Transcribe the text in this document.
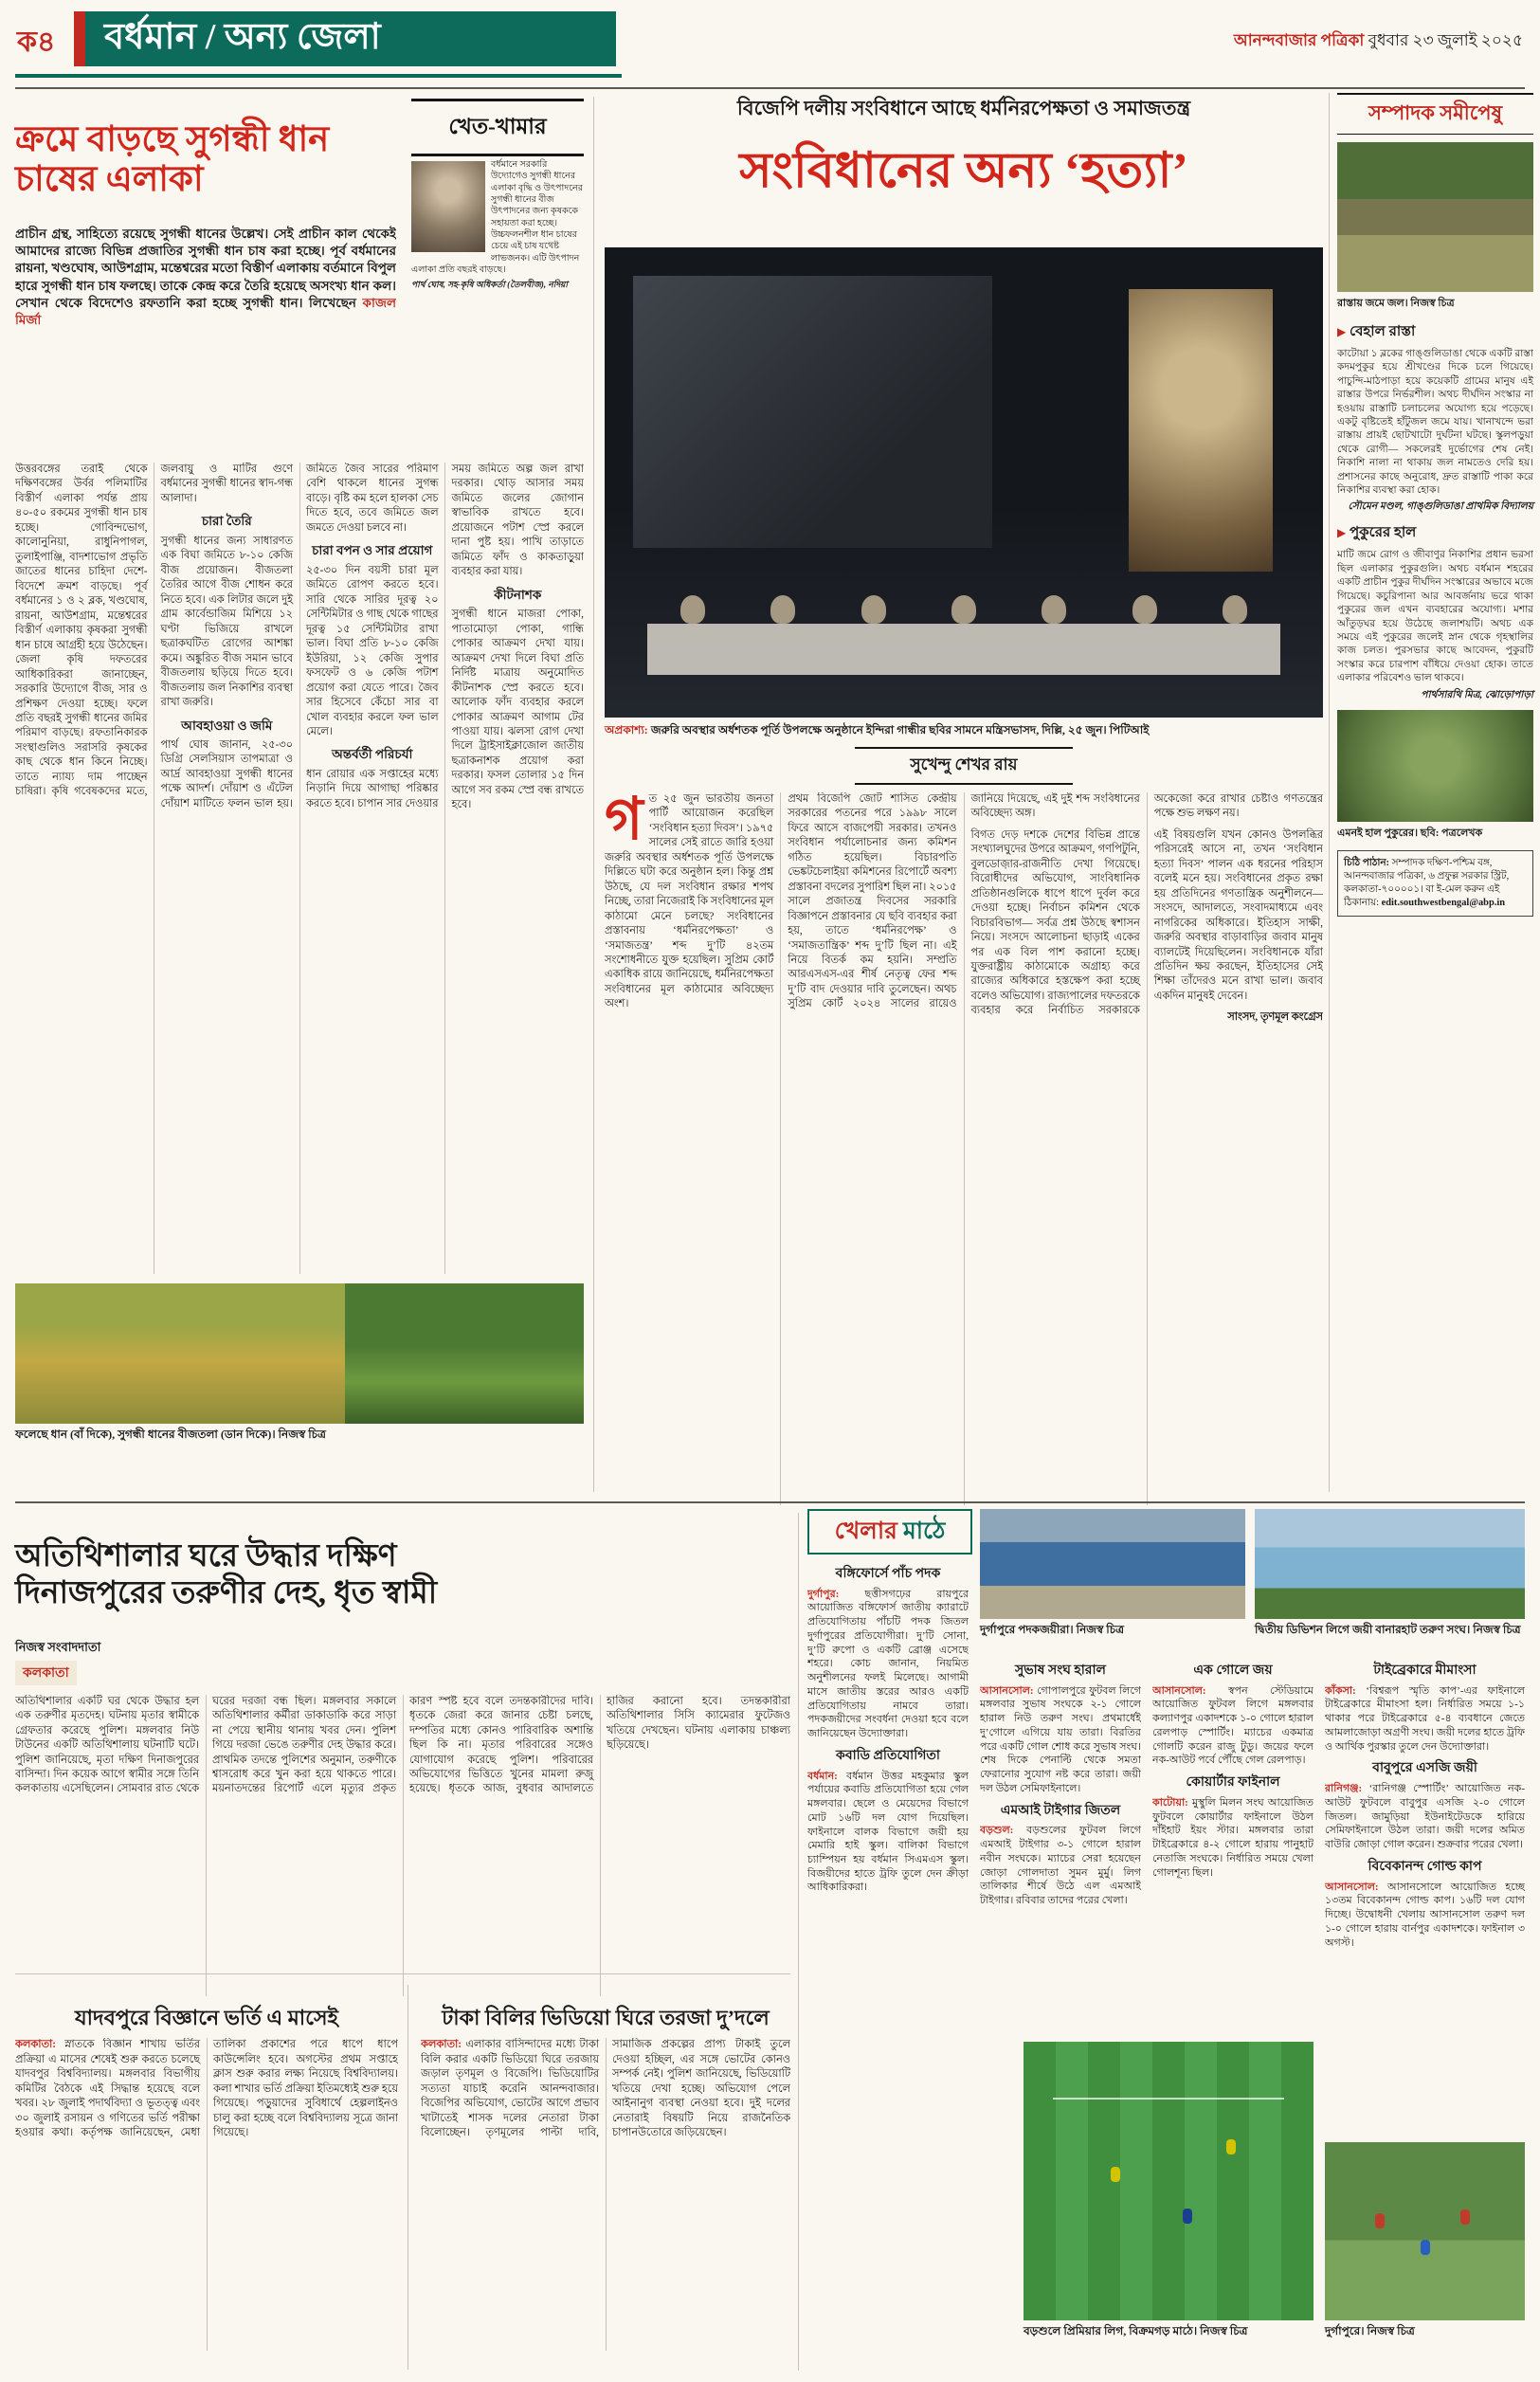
ক৪ বর্ধমান / অন্য জেলা	আনন্দবাজার পত্রিকা বুধবার ২৩ জুলাই ২০২৫
ক্রমে বাড়ছে সুগন্ধী ধান চাষের এলাকা
খেত-খামার
বর্ধমানে সরকারি উদ্যোগেও সুগন্ধী ধানের এলাকা বৃদ্ধি ও উৎপাদনের সুগন্ধী ধানের বীজ উৎপাদনের জন্য কৃষককে সহায়তা করা হচ্ছে। উচ্চফলনশীল ধান চাষের চেয়ে এই চাষ যথেষ্ট লাভজনক। এটি উৎপাদন এলাকা প্রতি বছরই বাড়ছে।
পার্থ ঘোষ, সহ-কৃষি অধিকর্তা (তৈলবীজ), নদিয়া
প্রাচীন গ্রন্থ, সাহিত্যে রয়েছে সুগন্ধী ধানের উল্লেখ। সেই প্রাচীন কাল থেকেই আমাদের রাজ্যে বিভিন্ন প্রজাতির সুগন্ধী ধান চাষ করা হচ্ছে। পূর্ব বর্ধমানের রায়না, খণ্ডঘোষ, আউশগ্রাম, মন্তেশ্বরের মতো বিস্তীর্ণ এলাকায় বর্তমানে বিপুল হারে সুগন্ধী ধান চাষ ফলছে। তাকে কেন্দ্র করে তৈরি হয়েছে অসংখ্য ধান কল। সেখান থেকে বিদেশেও রফতানি করা হচ্ছে সুগন্ধী ধান। লিখেছেন কাজল মির্জা

উত্তরবঙ্গের তরাই থেকে দক্ষিণবঙ্গের উর্বর পলিমাটির বিস্তীর্ণ এলাকা পর্যন্ত প্রায় ৪০-৫০ রকমের সুগন্ধী ধান চাষ হচ্ছে। গোবিন্দভোগ, কালোনুনিয়া, রাধুনিপাগল, তুলাইপাঞ্জি, বাদশাভোগ প্রভৃতি জাতের ধানের চাহিদা দেশে-বিদেশে ক্রমশ বাড়ছে। পূর্ব বর্ধমানের ১ ও ২ ব্লক, খণ্ডঘোষ, রায়না, আউশগ্রাম, মন্তেশ্বরের বিস্তীর্ণ এলাকায় কৃষকরা সুগন্ধী ধান চাষে আগ্রহী হয়ে উঠেছেন। জেলা কৃষি দফতরের আধিকারিকরা জানাচ্ছেন, সরকারি উদ্যোগে বীজ, সার ও প্রশিক্ষণ দেওয়া হচ্ছে। ফলে প্রতি বছরই সুগন্ধী ধানের জমির পরিমাণ বাড়ছে। রফতানিকারক সংস্থাগুলিও সরাসরি কৃষকের কাছ থেকে ধান কিনে নিচ্ছে। তাতে ন্যায্য দাম পাচ্ছেন চাষিরা। কৃষি গবেষকদের মতে, জলবায়ু ও মাটির গুণে বর্ধমানের সুগন্ধী ধানের স্বাদ-গন্ধ আলাদা।

চারা তৈরি

সুগন্ধী ধানের জন্য সাধারণত এক বিঘা জমিতে ৮-১০ কেজি বীজ প্রয়োজন। বীজতলা তৈরির আগে বীজ শোধন করে নিতে হবে। এক লিটার জলে দুই গ্রাম কার্বেন্ডাজিম মিশিয়ে ১২ ঘণ্টা ভিজিয়ে রাখলে ছত্রাকঘটিত রোগের আশঙ্কা কমে। অঙ্কুরিত বীজ সমান ভাবে বীজতলায় ছড়িয়ে দিতে হবে। বীজতলায় জল নিকাশির ব্যবস্থা রাখা জরুরি।

আবহাওয়া ও জমি

পার্থ ঘোষ জানান, ২৫-৩০ ডিগ্রি সেলসিয়াস তাপমাত্রা ও আর্দ্র আবহাওয়া সুগন্ধী ধানের পক্ষে আদর্শ। দোঁয়াশ ও এঁটেল দোঁয়াশ মাটিতে ফলন ভাল হয়। জমিতে জৈব সারের পরিমাণ বেশি থাকলে ধানের সুগন্ধ বাড়ে। বৃষ্টি কম হলে হালকা সেচ দিতে হবে, তবে জমিতে জল জমতে দেওয়া চলবে না।

চারা বপন ও সার প্রয়োগ

২৫-৩০ দিন বয়সী চারা মূল জমিতে রোপণ করতে হবে। সারি থেকে সারির দূরত্ব ২০ সেন্টিমিটার ও গাছ থেকে গাছের দূরত্ব ১৫ সেন্টিমিটার রাখা ভাল। বিঘা প্রতি ৮-১০ কেজি ইউরিয়া, ১২ কেজি সুপার ফসফেট ও ৬ কেজি পটাশ প্রয়োগ করা যেতে পারে। জৈব সার হিসেবে কেঁচো সার বা খোল ব্যবহার করলে ফল ভাল মেলে।

অন্তর্বর্তী পরিচর্যা

ধান রোয়ার এক সপ্তাহের মধ্যে নিড়ানি দিয়ে আগাছা পরিষ্কার করতে হবে। চাপান সার দেওয়ার সময় জমিতে অল্প জল রাখা দরকার। থোড় আসার সময় জমিতে জলের জোগান স্বাভাবিক রাখতে হবে। প্রয়োজনে পটাশ স্প্রে করলে দানা পুষ্ট হয়। পাখি তাড়াতে জমিতে ফাঁদ ও কাকতাড়ুয়া ব্যবহার করা যায়।

কীটনাশক

সুগন্ধী ধানে মাজরা পোকা, পাতামোড়া পোকা, গান্ধি পোকার আক্রমণ দেখা যায়। আক্রমণ দেখা দিলে বিঘা প্রতি নির্দিষ্ট মাত্রায় অনুমোদিত কীটনাশক স্প্রে করতে হবে। আলোক ফাঁদ ব্যবহার করলে পোকার আক্রমণ আগাম টের পাওয়া যায়। ঝলসা রোগ দেখা দিলে ট্রাইসাইক্লাজোল জাতীয় ছত্রাকনাশক প্রয়োগ করা দরকার। ফসল তোলার ১৫ দিন আগে সব রকম স্প্রে বন্ধ রাখতে হবে।

ফলেছে ধান (বাঁ দিকে), সুগন্ধী ধানের বীজতলা (ডান দিকে)। নিজস্ব চিত্র
বিজেপি দলীয় সংবিধানে আছে ধর্মনিরপেক্ষতা ও সমাজতন্ত্র
সংবিধানের অন্য ‘হত্যা’
অপ্রকাশ্য: জরুরি অবস্থার অর্ধশতক পূর্তি উপলক্ষে অনুষ্ঠানে ইন্দিরা গান্ধীর ছবির সামনে মন্ত্রিসভাসদ, দিল্লি, ২৫ জুন। পিটিআই
সুখেন্দু শেখর রায়

গত ২৫ জুন ভারতীয় জনতা পার্টি আয়োজন করেছিল ‘সংবিধান হত্যা দিবস’। ১৯৭৫ সালের সেই রাতে জারি হওয়া জরুরি অবস্থার অর্ধশতক পূর্তি উপলক্ষে দিল্লিতে ঘটা করে অনুষ্ঠান হল। কিন্তু প্রশ্ন উঠছে, যে দল সংবিধান রক্ষার শপথ নিচ্ছে, তারা নিজেরাই কি সংবিধানের মূল কাঠামো মেনে চলছে? সংবিধানের প্রস্তাবনায় ‘ধর্মনিরপেক্ষতা’ ও ‘সমাজতন্ত্র’ শব্দ দু’টি ৪২তম সংশোধনীতে যুক্ত হয়েছিল। সুপ্রিম কোর্ট একাধিক রায়ে জানিয়েছে, ধর্মনিরপেক্ষতা সংবিধানের মূল কাঠামোর অবিচ্ছেদ্য অংশ।

প্রথম বিজেপি জোট শাসিত কেন্দ্রীয় সরকারের পতনের পরে ১৯৯৮ সালে ফিরে আসে বাজপেয়ী সরকার। তখনও সংবিধান পর্যালোচনার জন্য কমিশন গঠিত হয়েছিল। বিচারপতি ভেঙ্কটচেলাইয়া কমিশনের রিপোর্টে অবশ্য প্রস্তাবনা বদলের সুপারিশ ছিল না। ২০১৫ সালে প্রজাতন্ত্র দিবসের সরকারি বিজ্ঞাপনে প্রস্তাবনার যে ছবি ব্যবহার করা হয়, তাতে ‘ধর্মনিরপেক্ষ’ ও ‘সমাজতান্ত্রিক’ শব্দ দু’টি ছিল না। এই নিয়ে বিতর্ক কম হয়নি। সম্প্রতি আরএসএস-এর শীর্ষ নেতৃত্ব ফের শব্দ দু’টি বাদ দেওয়ার দাবি তুলেছেন। অথচ সুপ্রিম কোর্ট ২০২৪ সালের রায়েও জানিয়ে দিয়েছে, এই দুই শব্দ সংবিধানের অবিচ্ছেদ্য অঙ্গ।

বিগত দেড় দশকে দেশের বিভিন্ন প্রান্তে সংখ্যালঘুদের উপরে আক্রমণ, গণপিটুনি, বুলডোজ়ার-রাজনীতি দেখা গিয়েছে। বিরোধীদের অভিযোগ, সাংবিধানিক প্রতিষ্ঠানগুলিকে ধাপে ধাপে দুর্বল করে দেওয়া হচ্ছে। নির্বাচন কমিশন থেকে বিচারবিভাগ— সর্বত্র প্রশ্ন উঠছে স্বশাসন নিয়ে। সংসদে আলোচনা ছাড়াই একের পর এক বিল পাশ করানো হচ্ছে। যুক্তরাষ্ট্রীয় কাঠামোকে অগ্রাহ্য করে রাজ্যের অধিকারে হস্তক্ষেপ করা হচ্ছে বলেও অভিযোগ। রাজ্যপালের দফতরকে ব্যবহার করে নির্বাচিত সরকারকে অকেজো করে রাখার চেষ্টাও গণতন্ত্রের পক্ষে শুভ লক্ষণ নয়।

এই বিষয়গুলি যখন কোনও উপলব্ধির পরিসরেই আসে না, তখন ‘সংবিধান হত্যা দিবস’ পালন এক ধরনের পরিহাস বলেই মনে হয়। সংবিধানের প্রকৃত রক্ষা হয় প্রতিদিনের গণতান্ত্রিক অনুশীলনে— সংসদে, আদালতে, সংবাদমাধ্যমে এবং নাগরিকের অধিকারে। ইতিহাস সাক্ষী, জরুরি অবস্থার বাড়াবাড়ির জবাব মানুষ ব্যালটেই দিয়েছিলেন। সংবিধানকে যাঁরা প্রতিদিন ক্ষয় করছেন, ইতিহাসের সেই শিক্ষা তাঁদেরও মনে রাখা ভাল। জবাব একদিন মানুষই দেবেন।

সাংসদ, তৃণমূল কংগ্রেস

সম্পাদক সমীপেষু
রাস্তায় জমে জল। নিজস্ব চিত্র
▶ বেহাল রাস্তা
কাটোয়া ১ ব্লকের গাঙ্গুলিডাঙা থেকে একটি রাস্তা কদমপুকুর হয়ে শ্রীখণ্ডের দিকে চলে গিয়েছে। পাচুন্দি-মাঠপাড়া হয়ে কয়েকটি গ্রামের মানুষ এই রাস্তার উপরে নির্ভরশীল। অথচ দীর্ঘদিন সংস্কার না হওয়ায় রাস্তাটি চলাচলের অযোগ্য হয়ে পড়েছে। একটু বৃষ্টিতেই হাঁটুজল জমে যায়। খানাখন্দে ভরা রাস্তায় প্রায়ই ছোটখাটো দুর্ঘটনা ঘটছে। স্কুলপড়ুয়া থেকে রোগী— সকলেরই দুর্ভোগের শেষ নেই। নিকাশি নালা না থাকায় জল নামতেও দেরি হয়। প্রশাসনের কাছে অনুরোধ, দ্রুত রাস্তাটি পাকা করে নিকাশির ব্যবস্থা করা হোক।
সৌমেন মণ্ডল, গাঙ্গুলিডাঙা প্রাথমিক বিদ্যালয়
▶ পুকুরের হাল
মাটি জমে রোগ ও জীবাণুর নিকাশির প্রধান ভরসা ছিল এলাকার পুকুরগুলি। অথচ বর্ধমান শহরের একটি প্রাচীন পুকুর দীর্ঘদিন সংস্কারের অভাবে মজে গিয়েছে। কচুরিপানা আর আবর্জনায় ভরে থাকা পুকুরের জল এখন ব্যবহারের অযোগ্য। মশার আঁতুড়ঘর হয়ে উঠেছে জলাশয়টি। অথচ এক সময়ে এই পুকুরের জলেই স্নান থেকে গৃহস্থালির কাজ চলত। পুরসভার কাছে আবেদন, পুকুরটি সংস্কার করে চারপাশ বাঁধিয়ে দেওয়া হোক। তাতে এলাকার পরিবেশও ভাল থাকবে।
পার্থসারথি মিত্র, ঝোড়োপাড়া
এমনই হাল পুকুরের। ছবি: পত্রলেখক
চিঠি পাঠান: সম্পাদক দক্ষিণ-পশ্চিম বঙ্গ, আনন্দবাজার পত্রিকা, ৬ প্রফুল্ল সরকার স্ট্রিট, কলকাতা-৭০০০০১। বা ই-মেল করুন এই ঠিকানায়: edit.southwestbengal@abp.in
অতিথিশালার ঘরে উদ্ধার দক্ষিণ দিনাজপুরের তরুণীর দেহ, ধৃত স্বামী
নিজস্ব সংবাদদাতা
কলকাতা

অতিথিশালার একটি ঘর থেকে উদ্ধার হল এক তরুণীর মৃতদেহ। ঘটনায় মৃতার স্বামীকে গ্রেফতার করেছে পুলিশ। মঙ্গলবার নিউ টাউনের একটি অতিথিশালায় ঘটনাটি ঘটে। পুলিশ জানিয়েছে, মৃতা দক্ষিণ দিনাজপুরের বাসিন্দা। দিন কয়েক আগে স্বামীর সঙ্গে তিনি কলকাতায় এসেছিলেন। সোমবার রাত থেকে ঘরের দরজা বন্ধ ছিল। মঙ্গলবার সকালে অতিথিশালার কর্মীরা ডাকাডাকি করে সাড়া না পেয়ে স্থানীয় থানায় খবর দেন। পুলিশ গিয়ে দরজা ভেঙে তরুণীর দেহ উদ্ধার করে। প্রাথমিক তদন্তে পুলিশের অনুমান, তরুণীকে শ্বাসরোধ করে খুন করা হয়ে থাকতে পারে। ময়নাতদন্তের রিপোর্ট এলে মৃত্যুর প্রকৃত কারণ স্পষ্ট হবে বলে তদন্তকারীদের দাবি। ধৃতকে জেরা করে জানার চেষ্টা চলছে, দম্পতির মধ্যে কোনও পারিবারিক অশান্তি ছিল কি না। মৃতার পরিবারের সঙ্গেও যোগাযোগ করেছে পুলিশ। পরিবারের অভিযোগের ভিত্তিতে খুনের মামলা রুজু হয়েছে। ধৃতকে আজ, বুধবার আদালতে হাজির করানো হবে। তদন্তকারীরা অতিথিশালার সিসি ক্যামেরার ফুটেজও খতিয়ে দেখছেন। ঘটনায় এলাকায় চাঞ্চল্য ছড়িয়েছে।

যাদবপুরে বিজ্ঞানে ভর্তি এ মাসেই

কলকাতা: স্নাতকে বিজ্ঞান শাখায় ভর্তির প্রক্রিয়া এ মাসের শেষেই শুরু করতে চলেছে যাদবপুর বিশ্ববিদ্যালয়। মঙ্গলবার বিভাগীয় কমিটির বৈঠকে এই সিদ্ধান্ত হয়েছে বলে খবর। ২৮ জুলাই পদার্থবিদ্যা ও ভূতত্ত্ব এবং ৩০ জুলাই রসায়ন ও গণিতের ভর্তি পরীক্ষা হওয়ার কথা। কর্তৃপক্ষ জানিয়েছেন, মেধা তালিকা প্রকাশের পরে ধাপে ধাপে কাউন্সেলিং হবে। অগস্টের প্রথম সপ্তাহে ক্লাস শুরু করার লক্ষ্য নিয়েছে বিশ্ববিদ্যালয়। কলা শাখার ভর্তি প্রক্রিয়া ইতিমধ্যেই শুরু হয়ে গিয়েছে। পড়ুয়াদের সুবিধার্থে হেল্পলাইনও চালু করা হচ্ছে বলে বিশ্ববিদ্যালয় সূত্রে জানা গিয়েছে।

টাকা বিলির ভিডিয়ো ঘিরে তরজা দু’দলে

কলকাতা: এলাকার বাসিন্দাদের মধ্যে টাকা বিলি করার একটি ভিডিয়ো ঘিরে তরজায় জড়াল তৃণমূল ও বিজেপি। ভিডিয়োটির সত্যতা যাচাই করেনি আনন্দবাজার। বিজেপির অভিযোগ, ভোটের আগে প্রভাব খাটাতেই শাসক দলের নেতারা টাকা বিলোচ্ছেন। তৃণমূলের পাল্টা দাবি, সামাজিক প্রকল্পের প্রাপ্য টাকাই তুলে দেওয়া হচ্ছিল, এর সঙ্গে ভোটের কোনও সম্পর্ক নেই। পুলিশ জানিয়েছে, ভিডিয়োটি খতিয়ে দেখা হচ্ছে। অভিযোগ পেলে আইনানুগ ব্যবস্থা নেওয়া হবে। দুই দলের নেতারাই বিষয়টি নিয়ে রাজনৈতিক চাপানউতোরে জড়িয়েছেন।

খেলার মাঠে
দুর্গাপুরে পদকজয়ীরা। নিজস্ব চিত্র	দ্বিতীয় ডিভিশন লিগে জয়ী বানারহাট তরুণ সংঘ। নিজস্ব চিত্র
বঙ্গিফোর্সে পাঁচ পদক

দুর্গাপুর: ছত্তীসগঢ়ের রায়পুরে আয়োজিত বঙ্গিফোর্স জাতীয় ক্যারাটে প্রতিযোগিতায় পাঁচটি পদক জিতল দুর্গাপুরের প্রতিযোগীরা। দু’টি সোনা, দু’টি রুপো ও একটি ব্রোঞ্জ এসেছে শহরে। কোচ জানান, নিয়মিত অনুশীলনের ফলই মিলেছে। আগামী মাসে জাতীয় স্তরের আরও একটি প্রতিযোগিতায় নামবে তারা। পদকজয়ীদের সংবর্ধনা দেওয়া হবে বলে জানিয়েছেন উদ্যোক্তারা।

কবাডি প্রতিযোগিতা

বর্ধমান: বর্ধমান উত্তর মহকুমার স্কুল পর্যায়ের কবাডি প্রতিযোগিতা হয়ে গেল মঙ্গলবার। ছেলে ও মেয়েদের বিভাগে মোট ১৬টি দল যোগ দিয়েছিল। ফাইনালে বালক বিভাগে জয়ী হয় মেমারি হাই স্কুল। বালিকা বিভাগে চ্যাম্পিয়ন হয় বর্ধমান সিএমএস স্কুল। বিজয়ীদের হাতে ট্রফি তুলে দেন ক্রীড়া আধিকারিকরা।

সুভাষ সংঘ হারাল

আসানসোল: গোপালপুরে ফুটবল লিগে মঙ্গলবার সুভাষ সংঘকে ২-১ গোলে হারাল নিউ তরুণ সংঘ। প্রথমার্ধেই দু’গোলে এগিয়ে যায় তারা। বিরতির পরে একটি গোল শোধ করে সুভাষ সংঘ। শেষ দিকে পেনাল্টি থেকে সমতা ফেরানোর সুযোগ নষ্ট করে তারা। জয়ী দল উঠল সেমিফাইনালে।

এমআই টাইগার জিতল

বড়শুল: বড়শুলের ফুটবল লিগে এমআই টাইগার ৩-১ গোলে হারাল নবীন সংঘকে। ম্যাচের সেরা হয়েছেন জোড়া গোলদাতা সুমন মুর্মু। লিগ তালিকার শীর্ষে উঠে এল এমআই টাইগার। রবিবার তাদের পরের খেলা।

এক গোলে জয়

আসানসোল: স্বপন স্টেডিয়ামে আয়োজিত ফুটবল লিগে মঙ্গলবার কল্যাণপুর একাদশকে ১-০ গোলে হারাল রেলপাড় স্পোর্টিং। ম্যাচের একমাত্র গোলটি করেন রাজু টুডু। জয়ের ফলে নক-আউট পর্বে পৌঁছে গেল রেলপাড়।

কোয়ার্টার ফাইনাল

কাটোয়া: মুস্থুলি মিলন সংঘ আয়োজিত ফুটবলে কোয়ার্টার ফাইনালে উঠল দাঁইহাট ইয়ং স্টার। মঙ্গলবার তারা টাইব্রেকারে ৪-২ গোলে হারায় পানুহাট নেতাজি সংঘকে। নির্ধারিত সময়ে খেলা গোলশূন্য ছিল।

টাইব্রেকারে মীমাংসা

কাঁকসা: ‘বিশ্বরূপ স্মৃতি কাপ’-এর ফাইনালে টাইব্রেকারে মীমাংসা হল। নির্ধারিত সময়ে ১-১ থাকার পরে টাইব্রেকারে ৫-৪ ব্যবধানে জেতে আমলাজোড়া অগ্রণী সংঘ। জয়ী দলের হাতে ট্রফি ও আর্থিক পুরস্কার তুলে দেন উদ্যোক্তারা।

বাবুপুরে এসজি জয়ী

রানিগঞ্জ: ‘রানিগঞ্জ স্পোর্টিং’ আয়োজিত নক-আউট ফুটবলে বাবুপুর এসজি ২-০ গোলে জিতল। জামুড়িয়া ইউনাইটেডকে হারিয়ে সেমিফাইনালে উঠল তারা। জয়ী দলের অমিত বাউরি জোড়া গোল করেন। শুক্রবার পরের খেলা।

বিবেকানন্দ গোল্ড কাপ

আসানসোল: আসানসোলে আয়োজিত হচ্ছে ১৩তম বিবেকানন্দ গোল্ড কাপ। ১৬টি দল যোগ দিচ্ছে। উদ্বোধনী খেলায় আসানসোল তরুণ দল ১-০ গোলে হারায় বার্নপুর একাদশকে। ফাইনাল ৩ অগস্ট।

বড়শুলে প্রিমিয়ার লিগ, বিক্রমগড় মাঠে। নিজস্ব চিত্র	দুর্গাপুরে। নিজস্ব চিত্র
